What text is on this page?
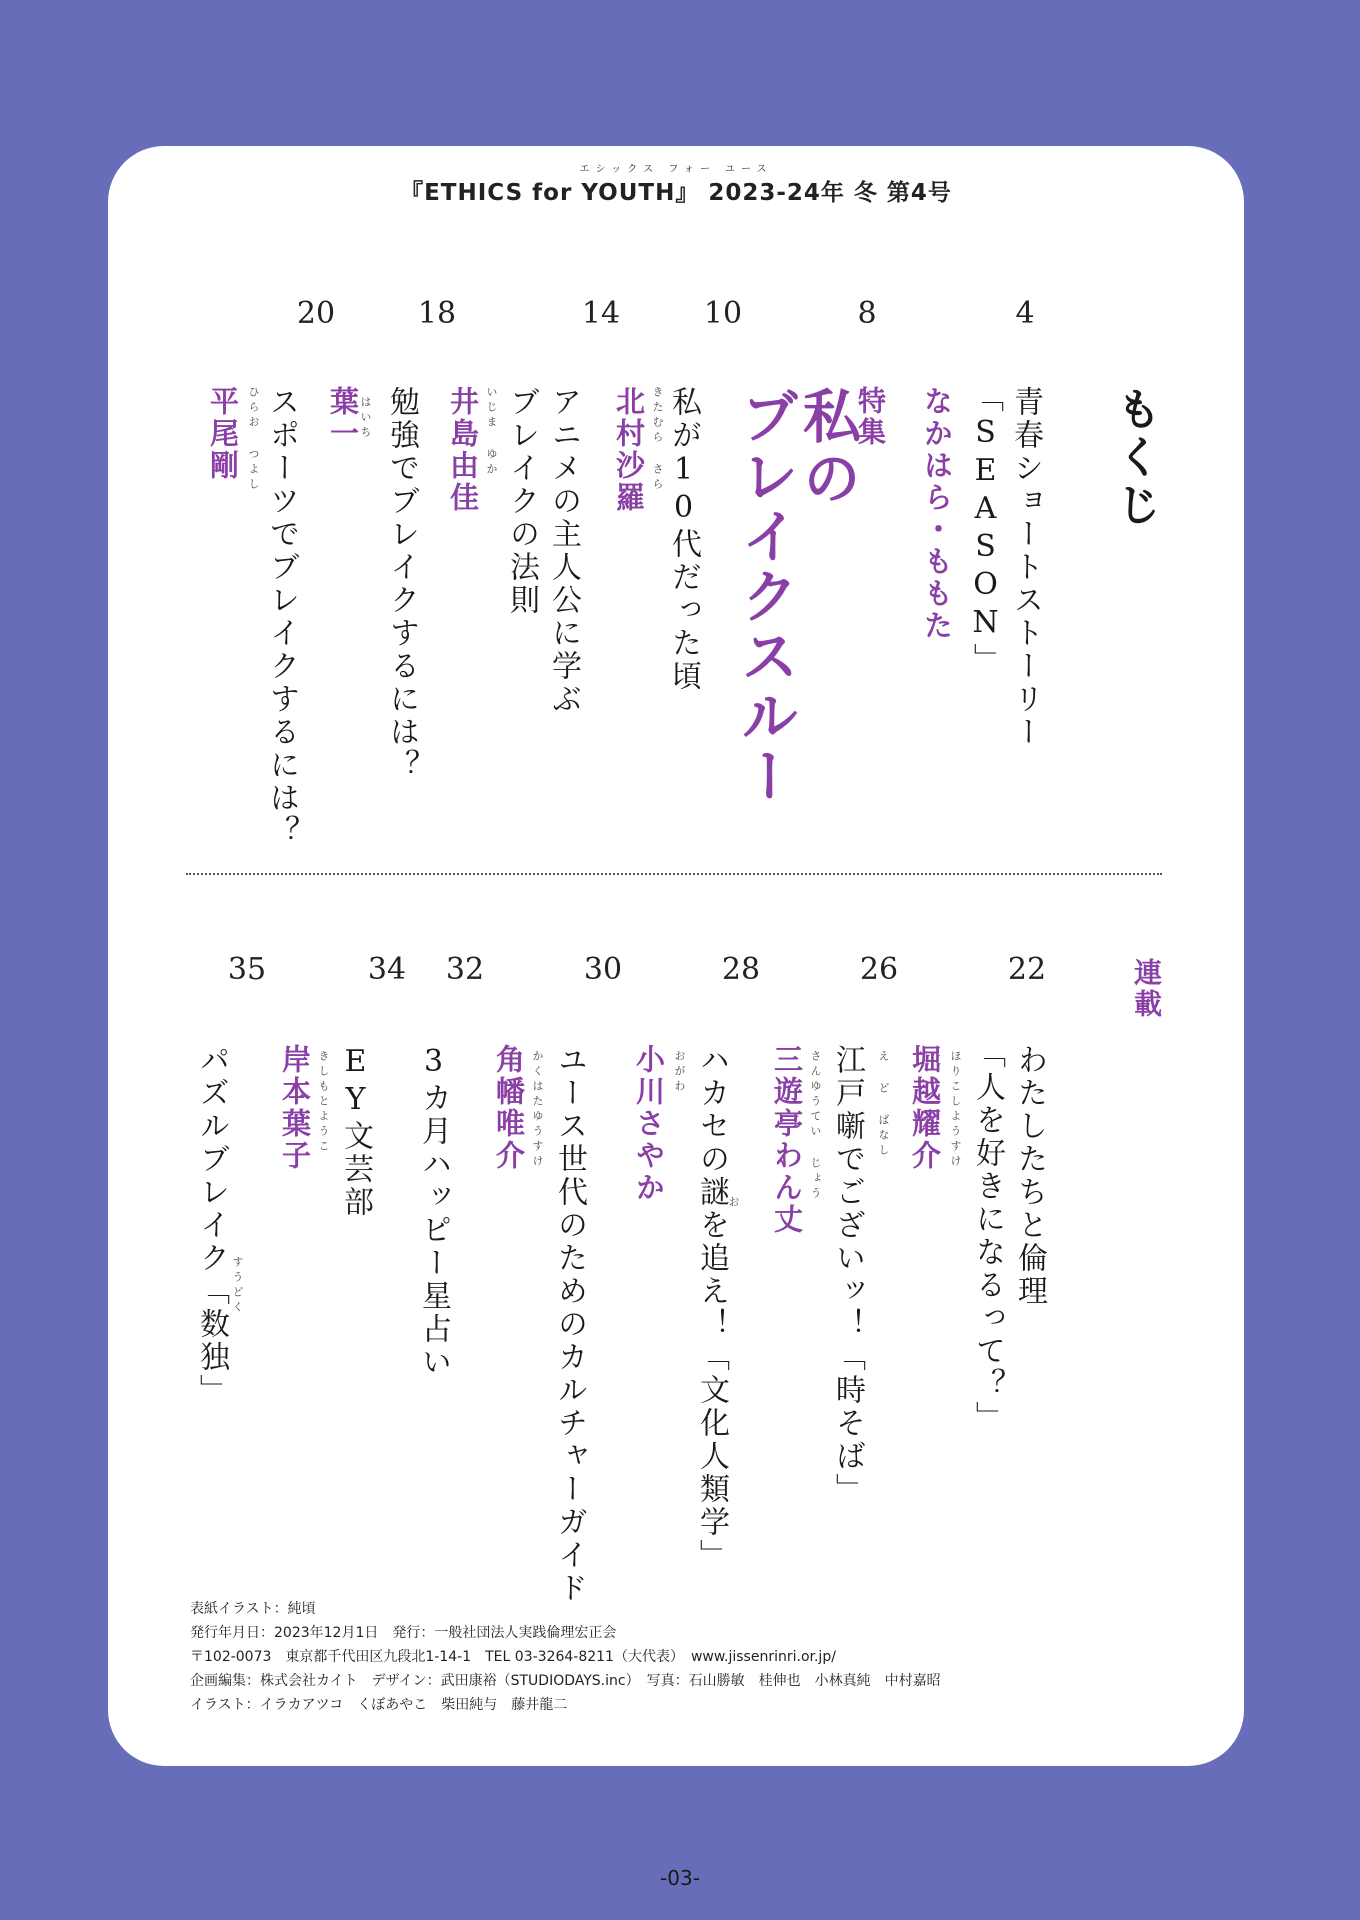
エシックス フォー ユース
『ETHICS for YOUTH』 2023-24年 冬 第4号
もくじ
4
8
10
14
18
20
青春ショートストーリー
「SEASON」
なかはら・ももた
特集
私の
ブレイクスルー
私が10代だった頃
きたむら さら
北村沙羅
アニメの主人公に学ぶ
ブレイクの法則
いじま ゆか
井島由佳
勉強でブレイクするには？
はいち
葉一
スポーツでブレイクするには？
ひらお つよし
平尾剛
連載
22
26
28
30
32
34
35
わたしたちと倫理
「人を好きになるって？」
ほりこしようすけ
堀越耀介
え ど ばなし
江戸噺でございッ！「時そば」
さんゆうてい じょう
三遊亭わん丈
お
ハカセの謎を追え！「文化人類学」
おがわ
小川さやか
ユース世代のためのカルチャーガイド
かくはたゆうすけ
角幡唯介
3カ月ハッピー星占い
EY文芸部
きしもとようこ
岸本葉子
パズルブレイク「数独」 すうどく
表紙イラスト：純頃
発行年月日：2023年12月1日　発行：一般社団法人実践倫理宏正会
〒102-0073　東京都千代田区九段北1-14-1　TEL 03-3264-8211（大代表）　www.jissenrinri.or.jp/
企画編集：株式会社カイト　デザイン：武田康裕（STUDIODAYS.inc）　写真：石山勝敏　桂伸也　小林真純　中村嘉昭
イラスト：イラカアツコ　くぼあやこ　柴田純与　藤井龍二
-03-
